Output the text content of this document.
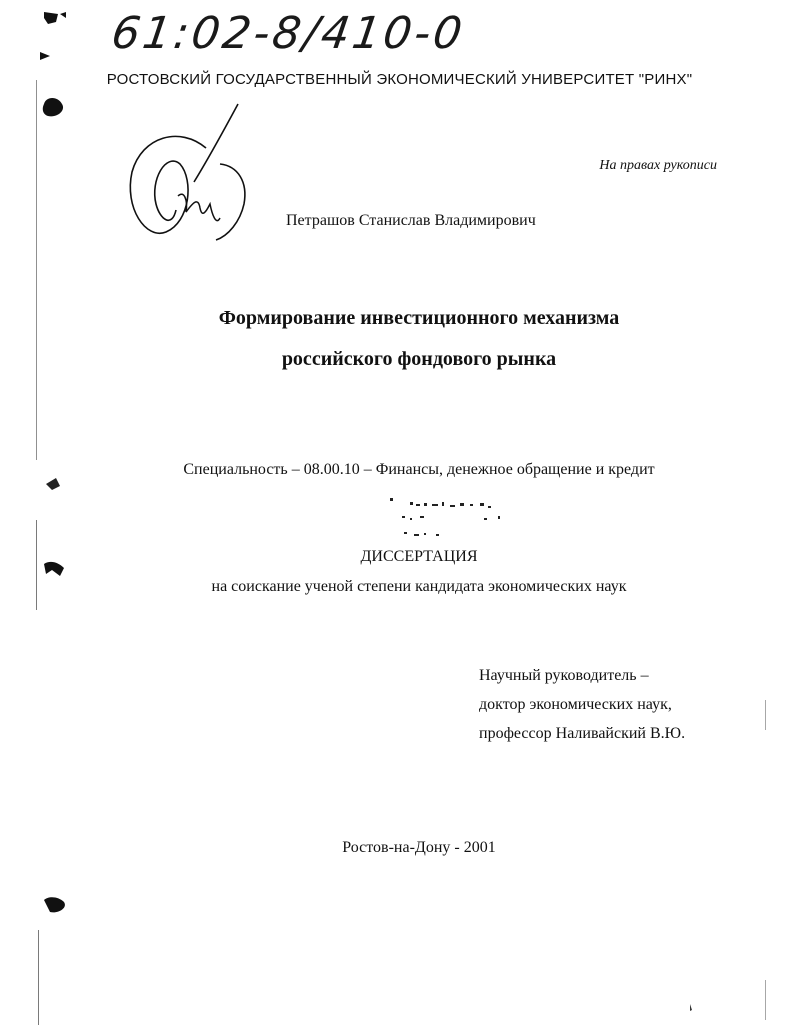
61:02-8/410-0
РОСТОВСКИЙ ГОСУДАРСТВЕННЫЙ ЭКОНОМИЧЕСКИЙ УНИВЕРСИТЕТ "РИНХ"
На правах рукописи
Петрашов Станислав Владимирович
Формирование инвестиционного механизма
российского фондового рынка
Специальность – 08.00.10 – Финансы, денежное обращение и кредит
ДИССЕРТАЦИЯ
на соискание ученой степени кандидата экономических наук
Научный руководитель –
доктор экономических наук,
профессор Наливайский В.Ю.
Ростов-на-Дону - 2001
